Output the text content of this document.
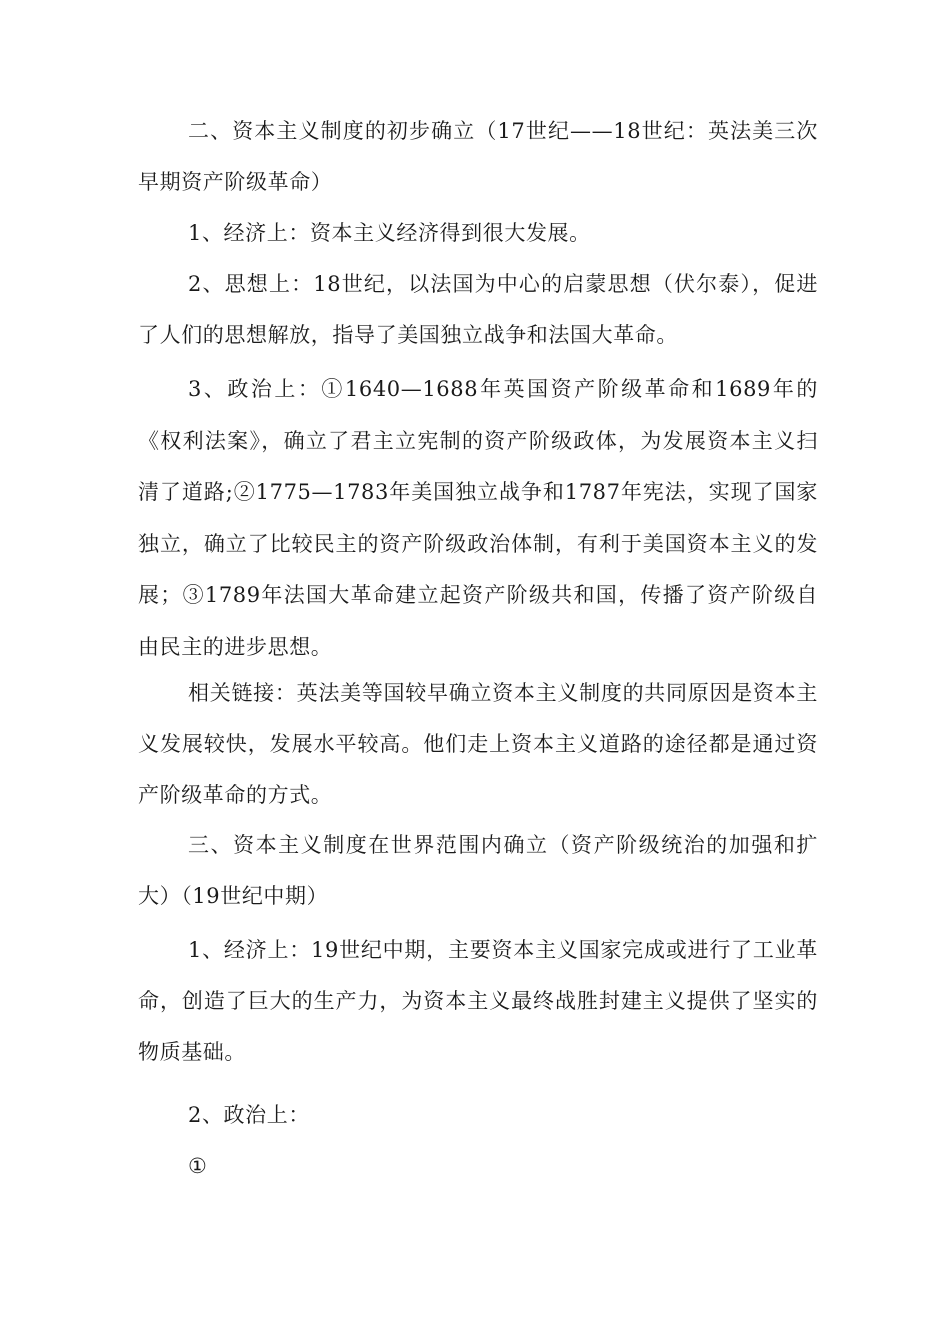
二、资本主义制度的初步确立（17世纪——18世纪：英法美三次早期资产阶级革命）

1、经济上：资本主义经济得到很大发展。

2、思想上：18世纪，以法国为中心的启蒙思想（伏尔泰），促进了人们的思想解放，指导了美国独立战争和法国大革命。

3、政治上：①1640—1688年英国资产阶级革命和1689年的《权利法案》，确立了君主立宪制的资产阶级政体，为发展资本主义扫清了道路;②1775—1783年美国独立战争和1787年宪法，实现了国家独立，确立了比较民主的资产阶级政治体制，有利于美国资本主义的发展；③1789年法国大革命建立起资产阶级共和国，传播了资产阶级自由民主的进步思想。

相关链接：英法美等国较早确立资本主义制度的共同原因是资本主义发展较快，发展水平较高。他们走上资本主义道路的途径都是通过资产阶级革命的方式。

三、资本主义制度在世界范围内确立（资产阶级统治的加强和扩大）（19世纪中期）

1、经济上：19世纪中期，主要资本主义国家完成或进行了工业革命，创造了巨大的生产力，为资本主义最终战胜封建主义提供了坚实的物质基础。

2、政治上：

①
